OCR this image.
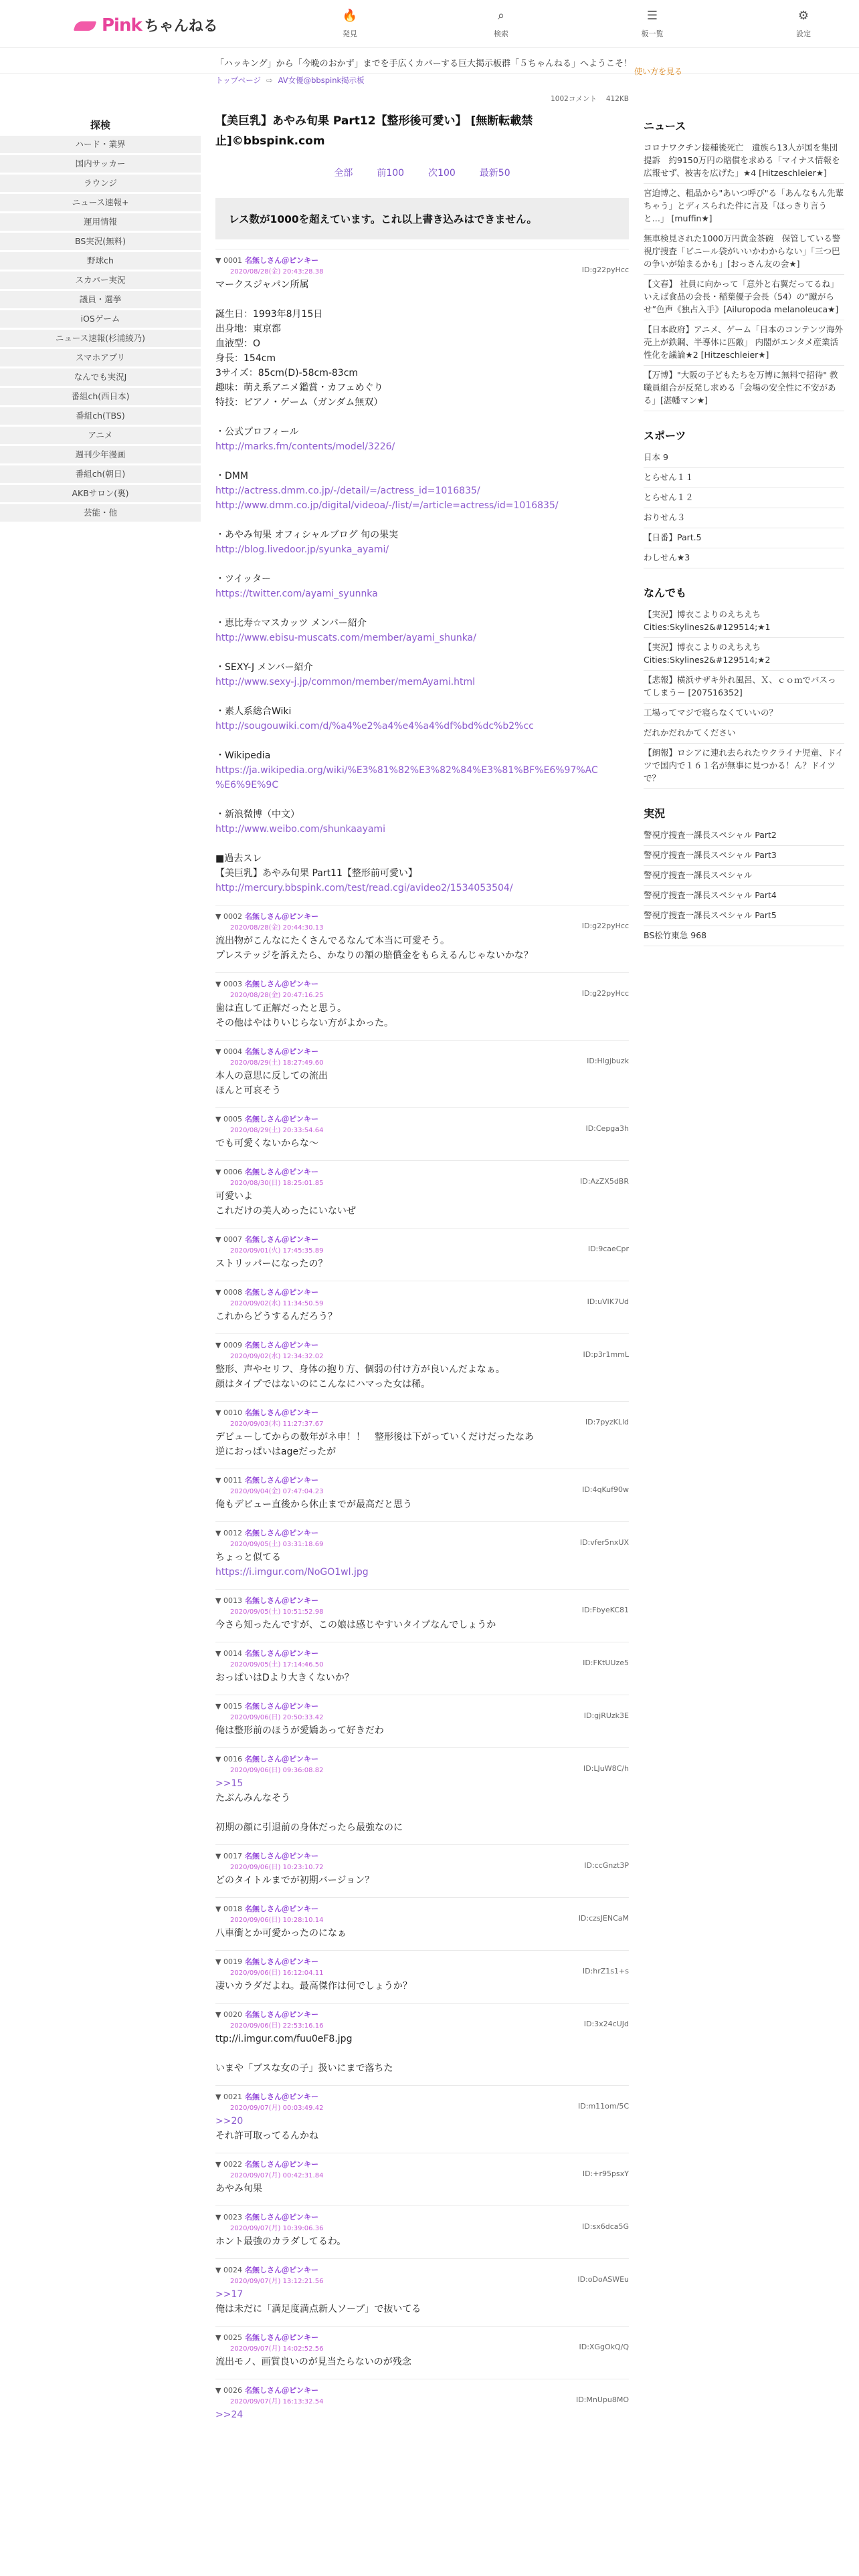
Pink ちゃんねる
🔥
発見
⌕
検索
☰
板一覧
⚙
設定
「ハッキング」から「今晩のおかず」までを手広くカバーする巨大掲示板群「５ちゃんねる」へようこそ！
使い方を見る
探検
ハード・業界
国内サッカー
ラウンジ
ニュース速報+
運用情報
BS実況(無料)
野球ch
スカパー実況
議員・選挙
iOSゲーム
ニュース速報(杉浦綾乃)
スマホアプリ
なんでも実況J
番組ch(西日本)
番組ch(TBS)
アニメ
週刊少年漫画
番組ch(朝日)
AKBサロン(裏)
芸能・他
トップページ ⇨ AV女優@bbspink掲示板
1002コメント 412KB
【美巨乳】あやみ旬果 Part12【整形後可愛い】 [無断転載禁止]©bbspink.com
全部	前100	次100	最新50
レス数が1000を超えています。これ以上書き込みはできません。
▼ 0001 名無しさん＠ピンキー
2020/08/28(金) 20:43:28.38	ID:g22pyHcc
マークスジャパン所属
誕生日：1993年8月15日
出身地：東京都
血液型：O
身長：154cm
3サイズ：85cm(D)-58cm-83cm
趣味：萌え系アニメ鑑賞・カフェめぐり
特技：ピアノ・ゲーム（ガンダム無双）
・公式プロフィール
http://marks.fm/contents/model/3226/
・DMM
http://actress.dmm.co.jp/-/detail/=/actress_id=1016835/
http://www.dmm.co.jp/digital/videoa/-/list/=/article=actress/id=1016835/
・あやみ旬果 オフィシャルブログ 旬の果実
http://blog.livedoor.jp/syunka_ayami/
・ツイッター
https://twitter.com/ayami_syunnka
・恵比寿☆マスカッツ メンバー紹介
http://www.ebisu-muscats.com/member/ayami_shunka/
・SEXY-J メンバー紹介
http://www.sexy-j.jp/common/member/memAyami.html
・素人系総合Wiki
http://sougouwiki.com/d/%a4%e2%a4%e4%a4%df%bd%dc%b2%cc
・Wikipedia
https://ja.wikipedia.org/wiki/%E3%81%82%E3%82%84%E3%81%BF%E6%97%AC
%E6%9E%9C
・新浪微博（中文）
http://www.weibo.com/shunkaayami
■過去スレ
【美巨乳】あやみ旬果 Part11【整形前可愛い】
http://mercury.bbspink.com/test/read.cgi/avideo2/1534053504/
▼ 0002 名無しさん＠ピンキー
2020/08/28(金) 20:44:30.13	ID:g22pyHcc
流出物がこんなにたくさんでるなんて本当に可愛そう。
プレステッジを訴えたら、かなりの額の賠償金をもらえるんじゃないかな？
▼ 0003 名無しさん＠ピンキー
2020/08/28(金) 20:47:16.25	ID:g22pyHcc
歯は直して正解だったと思う。
その他はやはりいじらない方がよかった。
▼ 0004 名無しさん＠ピンキー
2020/08/29(土) 18:27:49.60	ID:Hlgjbuzk
本人の意思に反しての流出
ほんと可哀そう
▼ 0005 名無しさん＠ピンキー
2020/08/29(土) 20:33:54.64	ID:Cepga3h
でも可愛くないからな～
▼ 0006 名無しさん＠ピンキー
2020/08/30(日) 18:25:01.85	ID:AzZX5dBR
可愛いよ
これだけの美人めったにいないぜ
▼ 0007 名無しさん＠ピンキー
2020/09/01(火) 17:45:35.89	ID:9caeCpr
ストリッパーになったの？
▼ 0008 名無しさん＠ピンキー
2020/09/02(水) 11:34:50.59	ID:uVIK7Ud
これからどうするんだろう？
▼ 0009 名無しさん＠ピンキー
2020/09/02(水) 12:34:32.02	ID:p3r1mmL
整形、声やセリフ、身体の抱り方、個弱の付け方が良いんだよなぁ。
顔はタイプではないのにこんなにハマった女は稀。
▼ 0010 名無しさん＠ピンキー
2020/09/03(木) 11:27:37.67	ID:7pyzKLld
デビューしてからの数年がネ申！！　整形後は下がっていくだけだったなあ
逆におっぱいはageだったが
▼ 0011 名無しさん＠ピンキー
2020/09/04(金) 07:47:04.23	ID:4qKuf90w
俺もデビュー直後から休止までが最高だと思う
▼ 0012 名無しさん＠ピンキー
2020/09/05(土) 03:31:18.69	ID:vfer5nxUX
ちょっと似てる
https://i.imgur.com/NoGO1wl.jpg
▼ 0013 名無しさん＠ピンキー
2020/09/05(土) 10:51:52.98	ID:FbyeKC81
今さら知ったんですが、この娘は感じやすいタイプなんでしょうか
▼ 0014 名無しさん＠ピンキー
2020/09/05(土) 17:14:46.50	ID:FKtUUze5
おっぱいはDより大きくないか？
▼ 0015 名無しさん＠ピンキー
2020/09/06(日) 20:50:33.42	ID:gjRUzk3E
俺は整形前のほうが愛嬌あって好きだわ
▼ 0016 名無しさん＠ピンキー
2020/09/06(日) 09:36:08.82	ID:LJuW8C/h
>>15
たぶんみんなそう
初期の顔に引退前の身体だったら最強なのに
▼ 0017 名無しさん＠ピンキー
2020/09/06(日) 10:23:10.72	ID:ccGnzt3P
どのタイトルまでが初期バージョン？
▼ 0018 名無しさん＠ピンキー
2020/09/06(日) 10:28:10.14	ID:czsJENCaM
八車衝とか可愛かったのになぁ
▼ 0019 名無しさん＠ピンキー
2020/09/06(日) 16:12:04.11	ID:hrZ1s1+s
凄いカラダだよね。最高傑作は何でしょうか？
▼ 0020 名無しさん＠ピンキー
2020/09/06(日) 22:53:16.16	ID:3x24cUJd
ttp://i.imgur.com/fuu0eF8.jpg
いまや「ブスな女の子」扱いにまで落ちた
▼ 0021 名無しさん＠ピンキー
2020/09/07(月) 00:03:49.42	ID:m11om/5C
>>20
それ許可取ってるんかね
▼ 0022 名無しさん＠ピンキー
2020/09/07(月) 00:42:31.84	ID:+r95psxY
あやみ旬果
▼ 0023 名無しさん＠ピンキー
2020/09/07(月) 10:39:06.36	ID:sx6dca5G
ホント最強のカラダしてるわ。
▼ 0024 名無しさん＠ピンキー
2020/09/07(月) 13:12:21.56	ID:oDoASWEu
>>17
俺は未だに「満足度満点新人ソープ」で抜いてる
▼ 0025 名無しさん＠ピンキー
2020/09/07(月) 14:02:52.56	ID:XGgOkQ/Q
流出モノ、画質良いのが見当たらないのが残念
▼ 0026 名無しさん＠ピンキー
2020/09/07(月) 16:13:32.54	ID:MnUpu8MO
>>24
ニュース
コロナワクチン接種後死亡　遺族ら13人が国を集団提訴　約9150万円の賠償を求める「マイナス情報を広報せず、被害を広げた」★4 [Hitzeschleier★]
宮迫博之、粗品から"あいつ呼び"る「あんなもん先輩ちゃう」とディスられた件に言及「ほっきり言うと…」 [muffin★]
無車検見された1000万円黄金茶碗　保管している警視庁捜査「ビニール袋がいいかわからない」「三つ巴の争いが始まるかも」[おっさん友の会★]
【文春】 社員に向かって「意外と右翼だってるね」いえば食品の会長・稲葉優子会長（54）の“蹴がらせ”色声《独占入手》[Ailuropoda melanoleuca★]
【日本政府】アニメ、ゲーム「日本のコンテンツ海外売上が鉄鋼、半導体に匹敵」 内閣がエンタメ産業活性化を議論★2 [Hitzeschleier★]
【万博】"大阪の子どもたちを万博に無料で招待" 教職員組合が反発し求める「会場の安全性に不安がある」[湛幡マン★]
スポーツ
日本 9
とらせん１１
とらせん１２
おりせん３
【日番】Part.5
わしせん★3
なんでも
【実況】博衣こよりのえちえちCities:Skylines2&#129514;★1
【実況】博衣こよりのえちえちCities:Skylines2&#129514;★2
【悲報】横浜サザキ外れ風呂、Ｘ、ｃｏｍでバスってしまう－ [207516352]
工場ってマジで寝らなくていいの？
だれかだれかてください
【朗報】ロシアに連れ去られたウクライナ児童、ドイツで国内で１６１名が無事に見つかる！ん？ドイツで？
実況
警視庁捜査一課長スペシャル Part2
警視庁捜査一課長スペシャル Part3
警視庁捜査一課長スペシャル
警視庁捜査一課長スペシャル Part4
警視庁捜査一課長スペシャル Part5
BS松竹東急 968
